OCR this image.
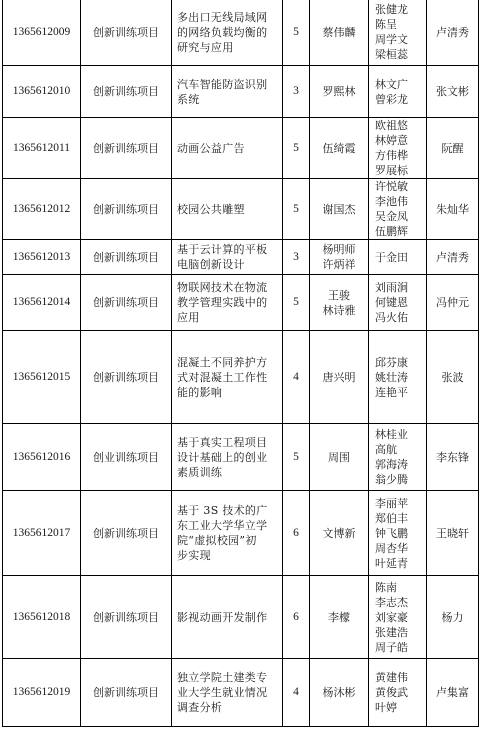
1365612009	创新训练项目	多出口无线局域网
的网络负载均衡的
研究与应用	5	蔡伟麟	张健龙
陈呈
周学文
梁桓蕊	卢清秀
1365612010	创新训练项目	汽车智能防盗识别
系统	3	罗熙林	林文广
曾彩龙	张文彬
1365612011	创新训练项目	动画公益广告	5	伍绮霞	欧祖悠
林婷意
方伟桦
罗展标	阮醒
1365612012	创新训练项目	校园公共雕塑	5	谢国杰	许悦敏
李池伟
吴金凤
伍鹏辉	朱灿华
1365612013	创新训练项目	基于云计算的平板
电脑创新设计	3	杨明师
许炳祥	于金田	卢清秀
1365612014	创新训练项目	物联网技术在物流
教学管理实践中的
应用	5	王骏
林诗雅	刘雨涧
何键恩
冯火佑	冯仲元
1365612015	创新训练项目	混凝土不同养护方
式对混凝土工作性
能的影响	4	唐兴明	邱芬康
姚壮涛
连艳平	张波
1365612016	创业训练项目	基于真实工程项目
设计基础上的创业
素质训练	5	周围	林桂业
高航
郭海涛
翁少腾	李东锋
1365612017	创新训练项目	基于 3S 技术的广
东工业大学华立学
院“虚拟校园”初
步实现	6	文博新	李丽苹
郑伯丰
钟飞鹏
周杏华
叶延青	王晓轩
1365612018	创新训练项目	影视动画开发制作	6	李檬	陈南
李志杰
刘家豪
张建浩
周子皓	杨力
1365612019	创新训练项目	独立学院土建类专
业大学生就业情况
调查分析	4	杨沐彬	黄建伟
黄俊武
叶婷	卢集富
